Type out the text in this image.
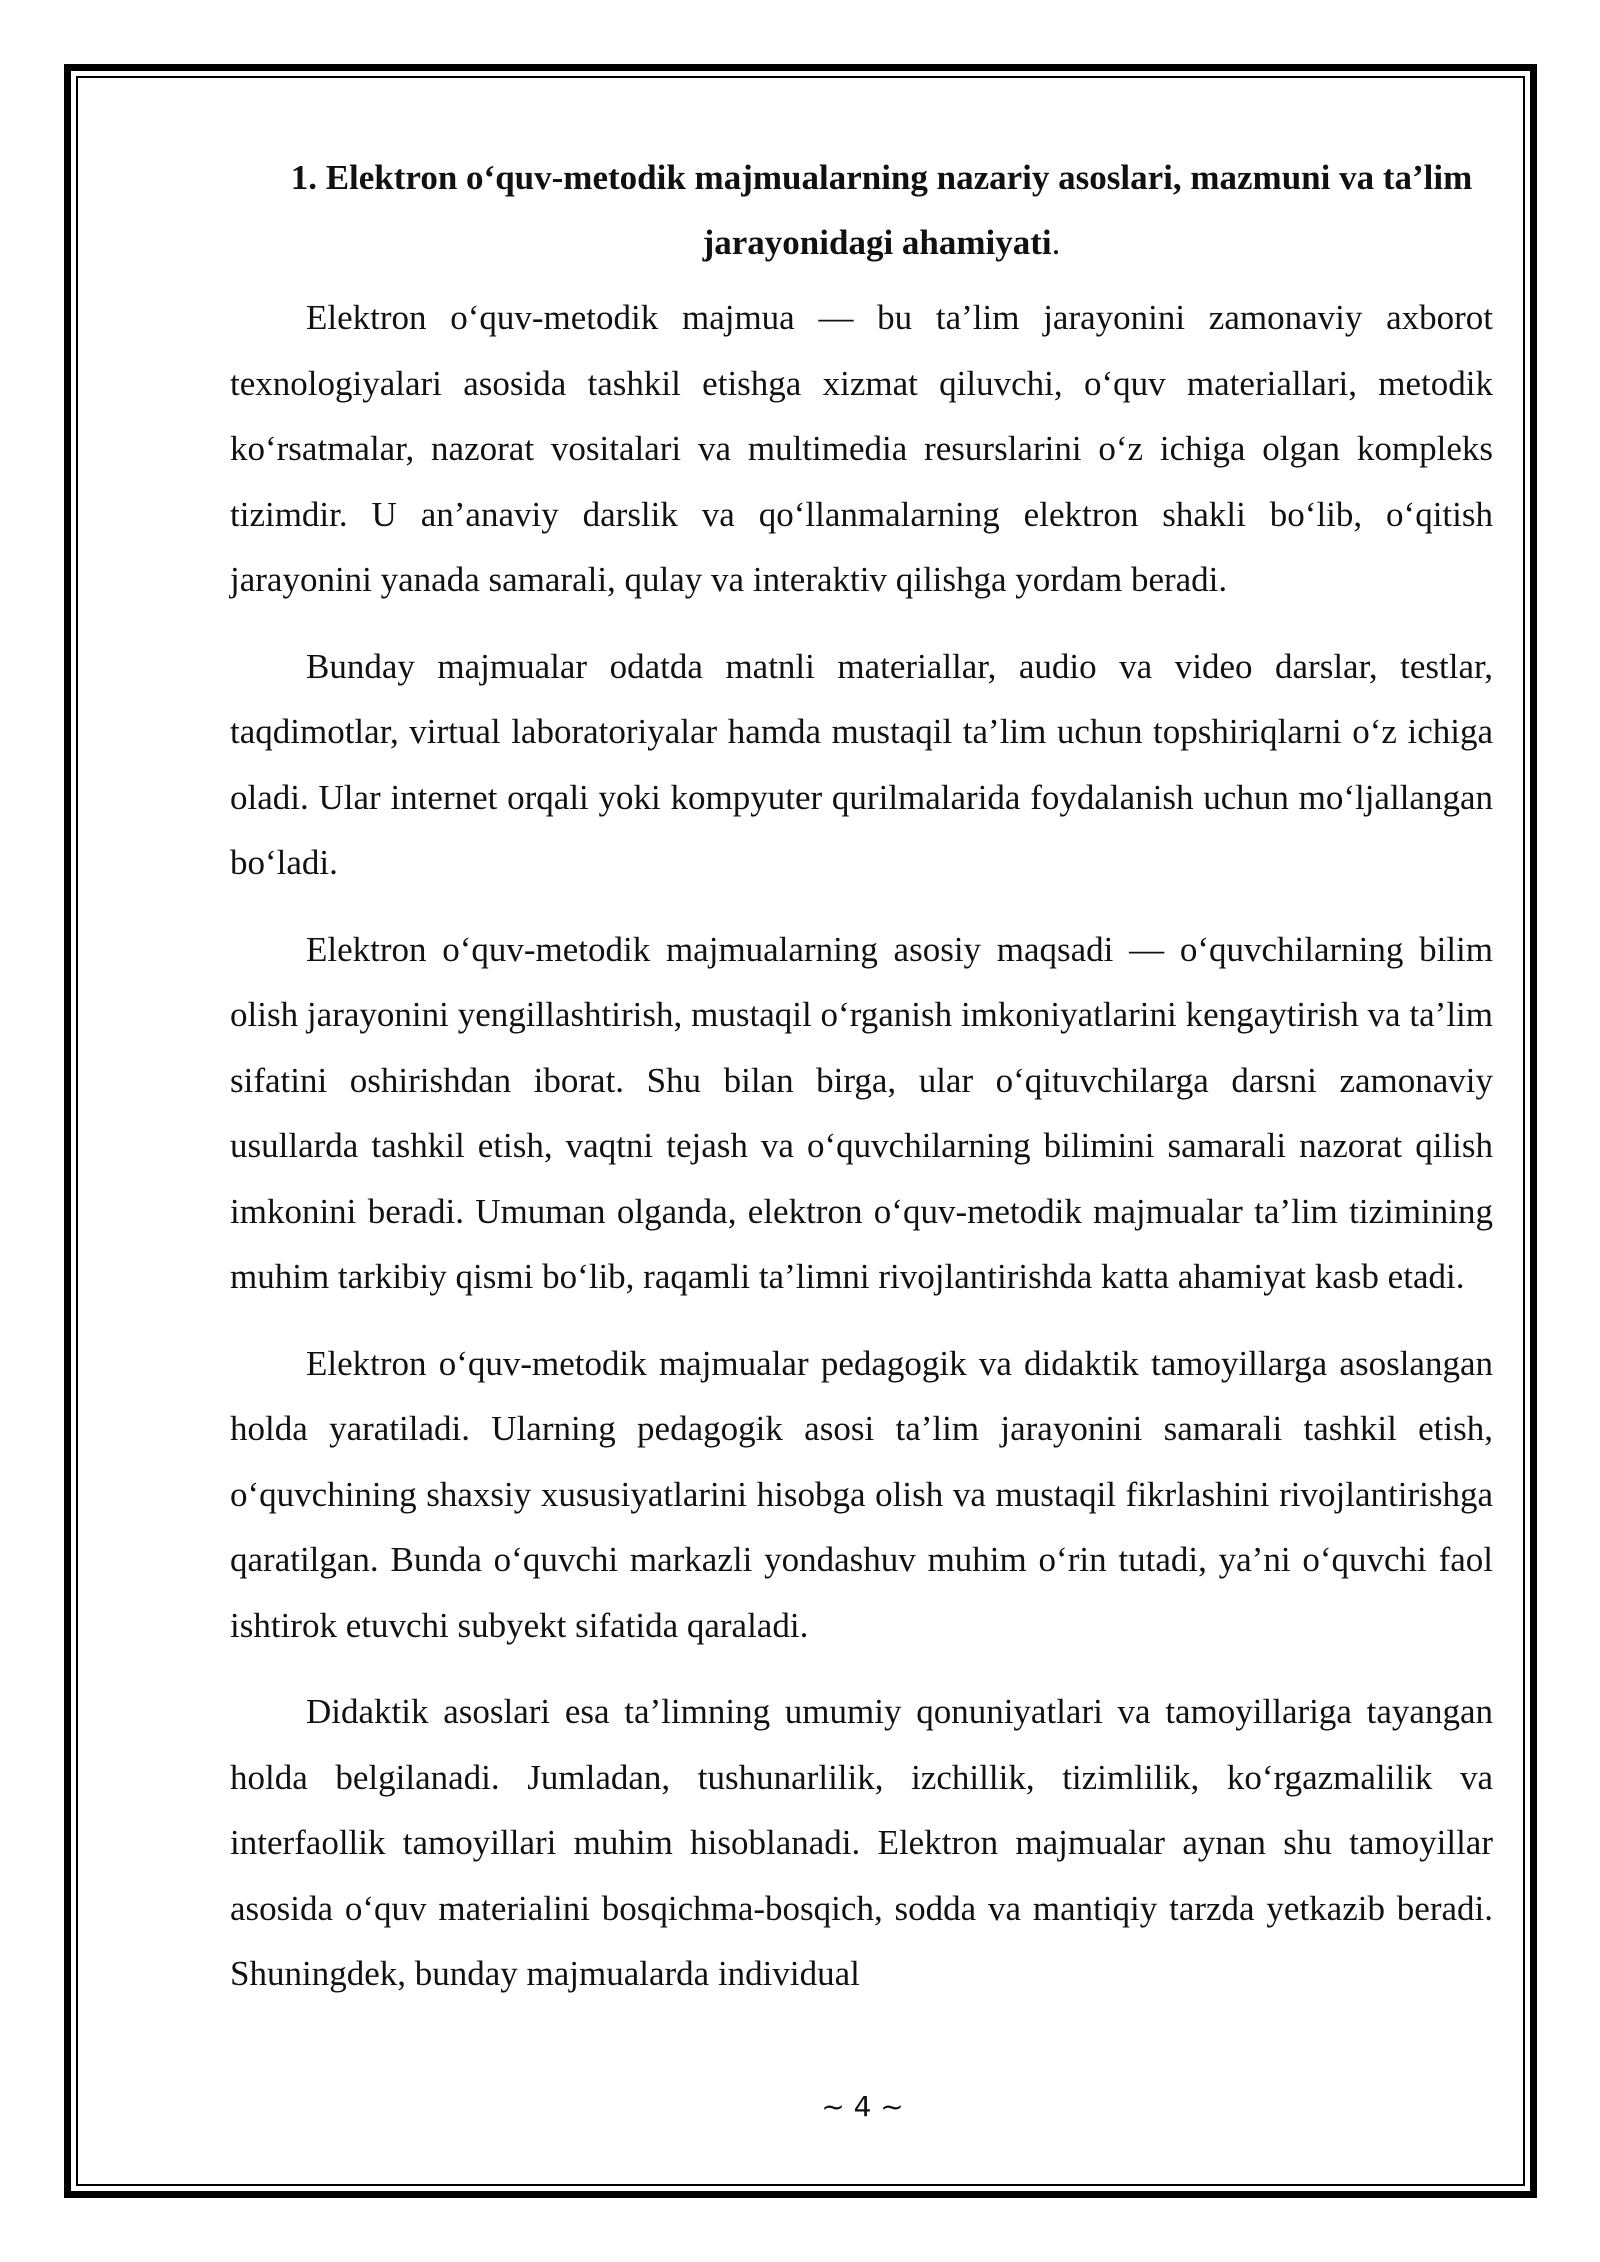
1. Elektron o‘quv-metodik majmualarning nazariy asoslari, mazmuni va ta’lim jarayonidagi ahamiyati.

Elektron o‘quv-metodik majmua — bu ta’lim jarayonini zamonaviy axborot texnologiyalari asosida tashkil etishga xizmat qiluvchi, o‘quv materiallari, metodik ko‘rsatmalar, nazorat vositalari va multimedia resurslarini o‘z ichiga olgan kompleks tizimdir. U an’anaviy darslik va qo‘llanmalarning elektron shakli bo‘lib, o‘qitish jarayonini yanada samarali, qulay va interaktiv qilishga yordam beradi.

Bunday majmualar odatda matnli materiallar, audio va video darslar, testlar, taqdimotlar, virtual laboratoriyalar hamda mustaqil ta’lim uchun topshiriqlarni o‘z ichiga oladi. Ular internet orqali yoki kompyuter qurilmalarida foydalanish uchun mo‘ljallangan bo‘ladi.

Elektron o‘quv-metodik majmualarning asosiy maqsadi — o‘quvchilarning bilim olish jarayonini yengillashtirish, mustaqil o‘rganish imkoniyatlarini kengaytirish va ta’lim sifatini oshirishdan iborat. Shu bilan birga, ular o‘qituvchilarga darsni zamonaviy usullarda tashkil etish, vaqtni tejash va o‘quvchilarning bilimini samarali nazorat qilish imkonini beradi. Umuman olganda, elektron o‘quv-metodik majmualar ta’lim tizimining muhim tarkibiy qismi bo‘lib, raqamli ta’limni rivojlantirishda katta ahamiyat kasb etadi.

Elektron o‘quv-metodik majmualar pedagogik va didaktik tamoyillarga asoslangan holda yaratiladi. Ularning pedagogik asosi ta’lim jarayonini samarali tashkil etish, o‘quvchining shaxsiy xususiyatlarini hisobga olish va mustaqil fikrlashini rivojlantirishga qaratilgan. Bunda o‘quvchi markazli yondashuv muhim o‘rin tutadi, ya’ni o‘quvchi faol ishtirok etuvchi subyekt sifatida qaraladi.

Didaktik asoslari esa ta’limning umumiy qonuniyatlari va tamoyillariga tayangan holda belgilanadi. Jumladan, tushunarlilik, izchillik, tizimlilik, ko‘rgazmalilik va interfaollik tamoyillari muhim hisoblanadi. Elektron majmualar aynan shu tamoyillar asosida o‘quv materialini bosqichma-bosqich, sodda va mantiqiy tarzda yetkazib beradi. Shuningdek, bunday majmualarda individual

~ 4 ~
